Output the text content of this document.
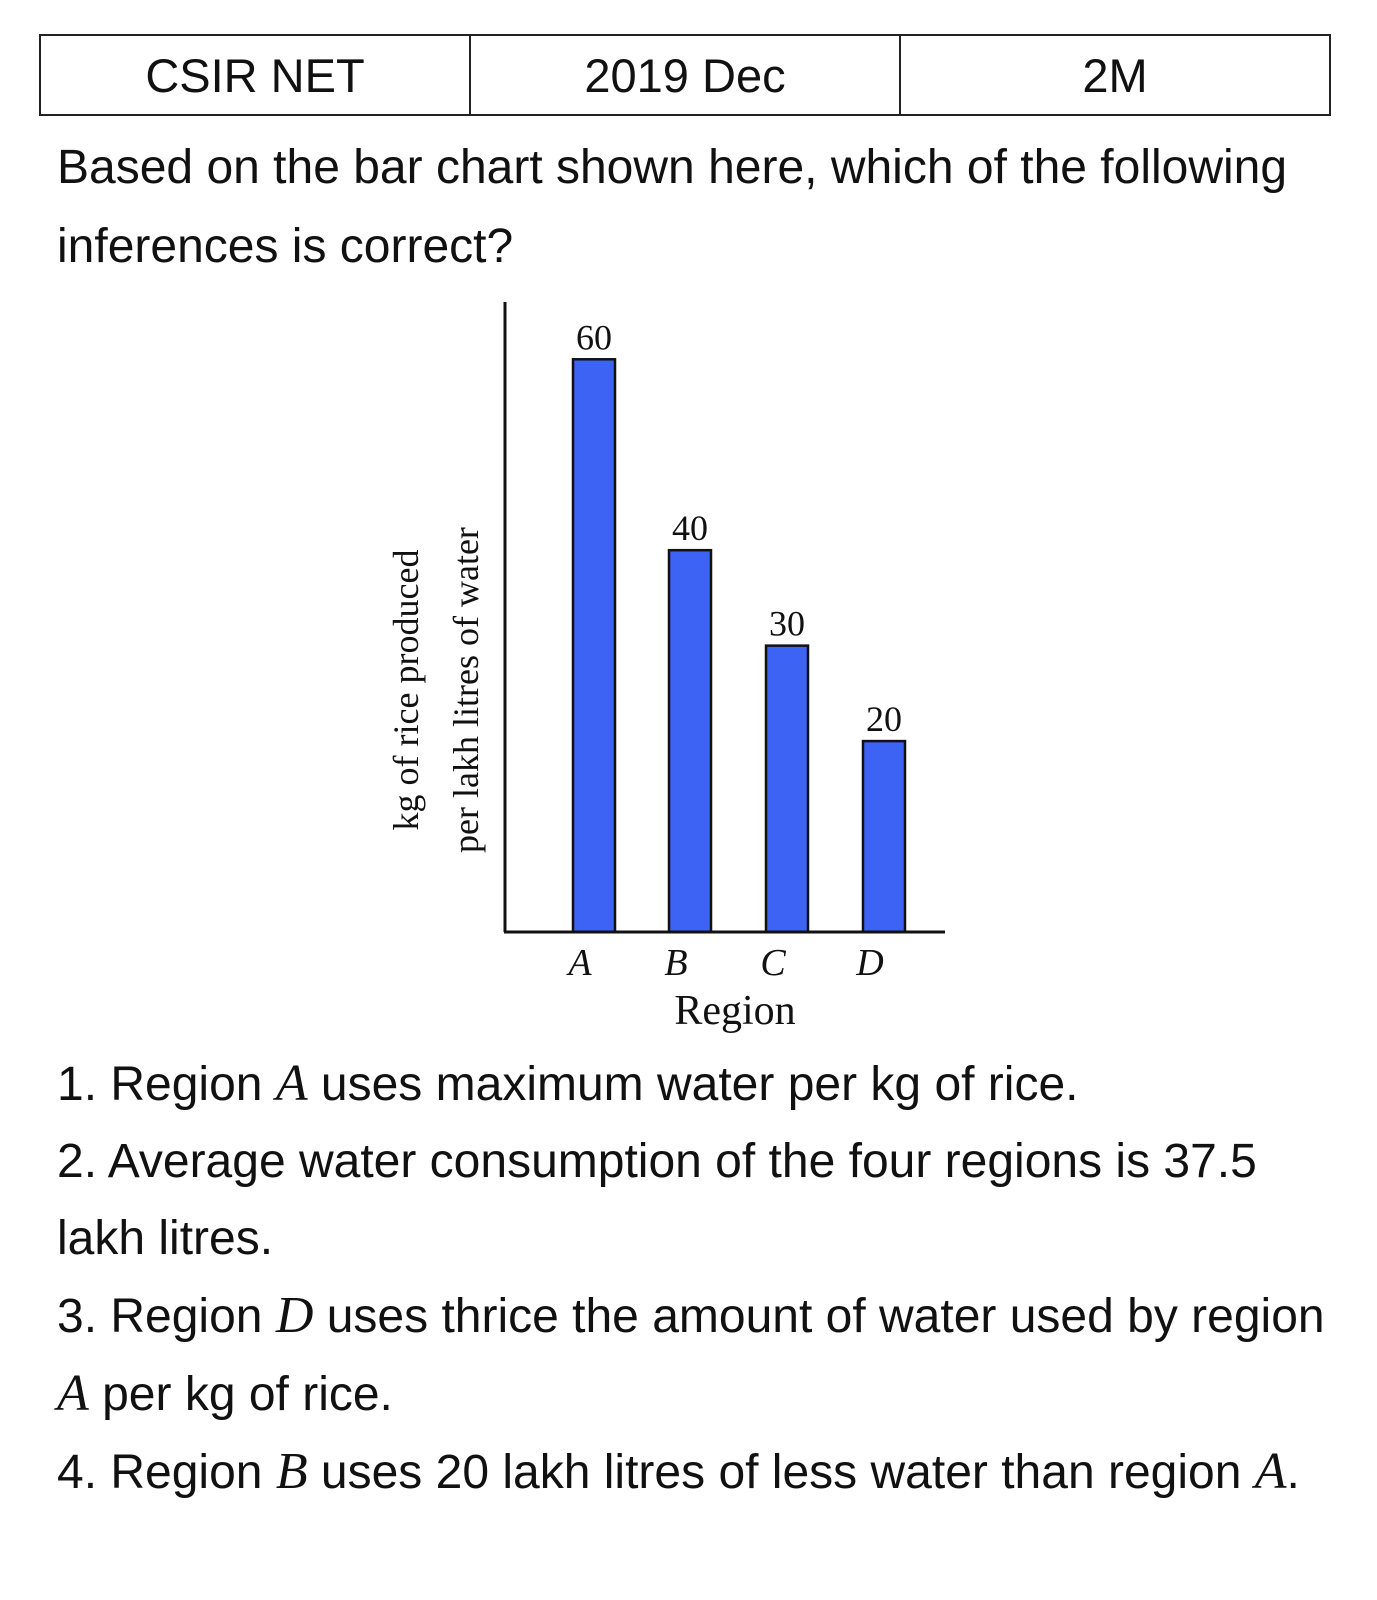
CSIR NET	2019 Dec	2M

Based on the bar chart shown here, which of the following inferences is correct?

kg of rice produced per lakh litres of water
60
40
30
20
A B C D
Region
1. Region A uses maximum water per kg of rice.
2. Average water consumption of the four regions is 37.5 lakh litres.
3. Region D uses thrice the amount of water used by region A per kg of rice.
4. Region B uses 20 lakh litres of less water than region A.
